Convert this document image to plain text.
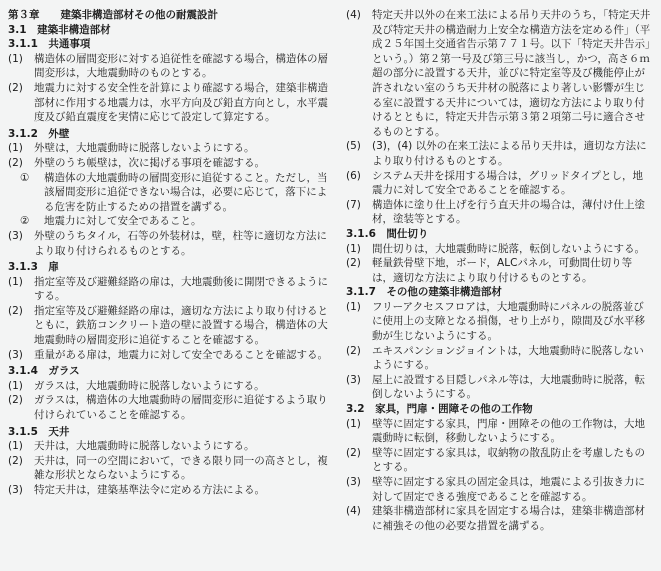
第３章　　建築非構造部材その他の耐震設計
3.1　建築非構造部材
3.1.1　共通事項
(1) 構造体の層間変形に対する追従性を確認する場合，構造体の層間変形は，大地震動時のものとする。
(2) 地震力に対する安全性を計算により確認する場合，建築非構造部材に作用する地震力は，水平方向及び鉛直方向とし，水平震度及び鉛直震度を実情に応じて設定して算定する。
3.1.2　外壁
(1) 外壁は，大地震動時に脱落しないようにする。
(2) 外壁のうち帳壁は，次に掲げる事項を確認する。
① 構造体の大地震動時の層間変形に追従すること。ただし，当該層間変形に追従できない場合は，必要に応じて，落下による危害を防止するための措置を講ずる。
② 地震力に対して安全であること。
(3) 外壁のうちタイル，石等の外装材は，壁，柱等に適切な方法により取り付けられるものとする。
3.1.3　扉
(1) 指定室等及び避難経路の扉は，大地震動後に開閉できるようにする。
(2) 指定室等及び避難経路の扉は，適切な方法により取り付けるとともに，鉄筋コンクリート造の壁に設置する場合，構造体の大地震動時の層間変形に追従することを確認する。
(3) 重量がある扉は，地震力に対して安全であることを確認する。
3.1.4　ガラス
(1) ガラスは，大地震動時に脱落しないようにする。
(2) ガラスは，構造体の大地震動時の層間変形に追従するよう取り付けられていることを確認する。
3.1.5　天井
(1) 天井は，大地震動時に脱落しないようにする。
(2) 天井は，同一の空間において，できる限り同一の高さとし，複雑な形状とならないようにする。
(3) 特定天井は，建築基準法令に定める方法による。
(4) 特定天井以外の在来工法による吊り天井のうち，「特定天井及び特定天井の構造耐力上安全な構造方法を定める件」（平成２５年国土交通省告示第７７１号。以下「特定天井告示」という。）第２第一号及び第三号に該当し，かつ，高さ６ｍ超の部分に設置する天井，並びに特定室等及び機能停止が許されない室のうち天井材の脱落により著しい影響が生じる室に設置する天井については，適切な方法により取り付けるとともに，特定天井告示第３第２項第二号に適合させるものとする。
(5) (3)，(4) 以外の在来工法による吊り天井は，適切な方法により取り付けるものとする。
(6) システム天井を採用する場合は，グリッドタイプとし，地震力に対して安全であることを確認する。
(7) 構造体に塗り仕上げを行う直天井の場合は，薄付け仕上塗材，塗装等とする。
3.1.6　間仕切り
(1) 間仕切りは，大地震動時に脱落，転倒しないようにする。
(2) 軽量鉄骨壁下地，ボード，ALCパネル，可動間仕切り等は，適切な方法により取り付けるものとする。
3.1.7　その他の建築非構造部材
(1) フリーアクセスフロアは，大地震動時にパネルの脱落並びに使用上の支障となる損傷，せり上がり，隙間及び水平移動が生じないようにする。
(2) エキスパンションジョイントは，大地震動時に脱落しないようにする。
(3) 屋上に設置する目隠しパネル等は，大地震動時に脱落，転倒しないようにする。
3.2　家具，門扉・囲障その他の工作物
(1) 壁等に固定する家具，門扉・囲障その他の工作物は，大地震動時に転倒，移動しないようにする。
(2) 壁等に固定する家具は，収納物の散乱防止を考慮したものとする。
(3) 壁等に固定する家具の固定金具は，地震による引抜き力に対して固定できる強度であることを確認する。
(4) 建築非構造部材に家具を固定する場合は，建築非構造部材に補強その他の必要な措置を講ずる。
